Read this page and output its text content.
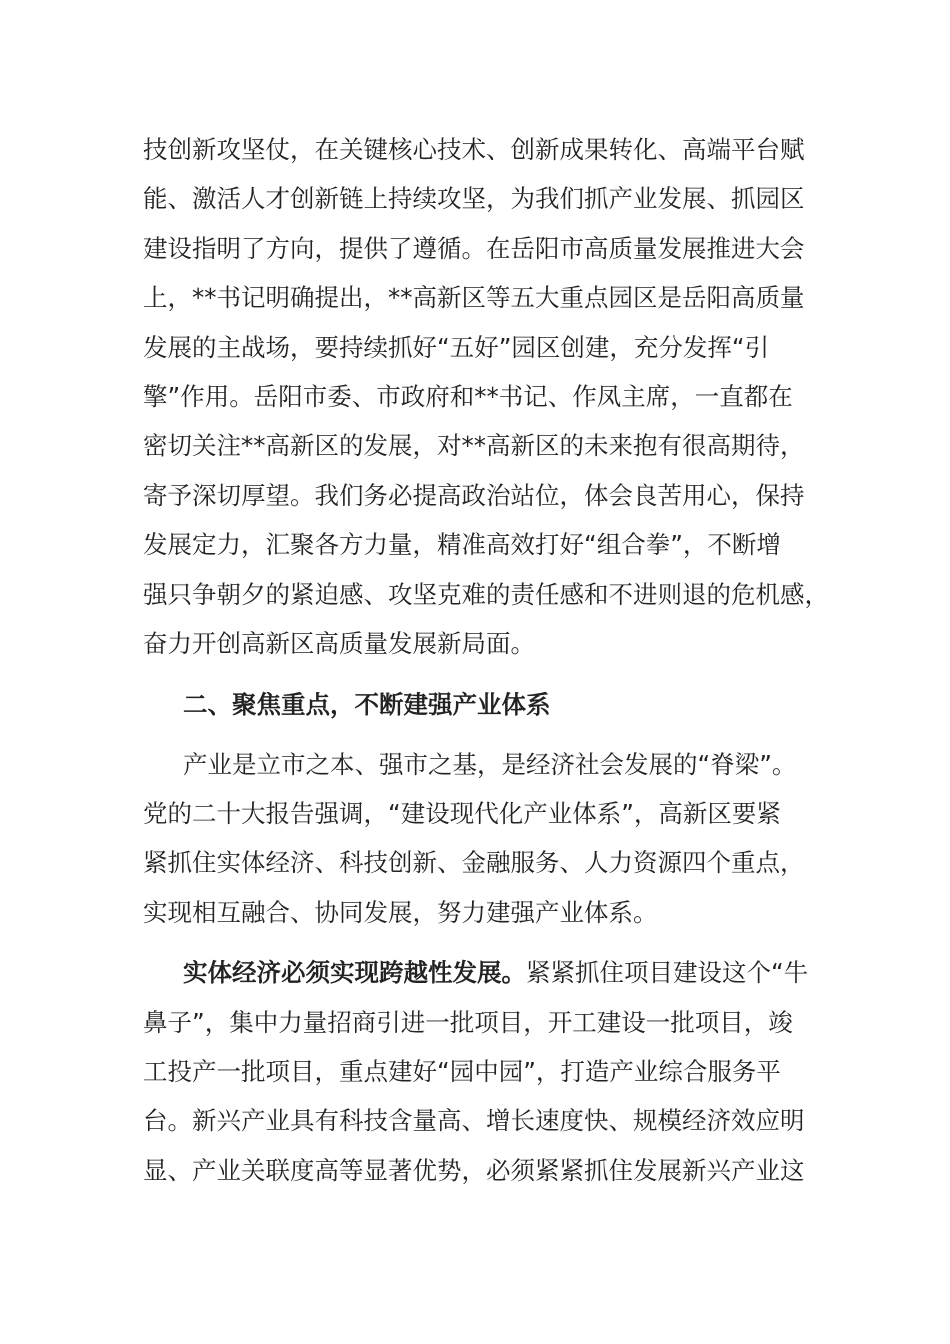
技创新攻坚仗，在关键核心技术、创新成果转化、高端平台赋
能、激活人才创新链上持续攻坚，为我们抓产业发展、抓园区
建设指明了方向，提供了遵循。在岳阳市高质量发展推进大会
上，**书记明确提出，**高新区等五大重点园区是岳阳高质量
发展的主战场，要持续抓好“五好”园区创建，充分发挥“引
擎”作用。岳阳市委、市政府和**书记、作凤主席，一直都在
密切关注**高新区的发展，对**高新区的未来抱有很高期待，
寄予深切厚望。我们务必提高政治站位，体会良苦用心，保持
发展定力，汇聚各方力量，精准高效打好“组合拳”，不断增
强只争朝夕的紧迫感、攻坚克难的责任感和不进则退的危机感，
奋力开创高新区高质量发展新局面。
二、聚焦重点，不断建强产业体系
产业是立市之本、强市之基，是经济社会发展的“脊梁”。
党的二十大报告强调，“建设现代化产业体系”，高新区要紧
紧抓住实体经济、科技创新、金融服务、人力资源四个重点，
实现相互融合、协同发展，努力建强产业体系。
实体经济必须实现跨越性发展。紧紧抓住项目建设这个“牛
鼻子”，集中力量招商引进一批项目，开工建设一批项目，竣
工投产一批项目，重点建好“园中园”，打造产业综合服务平
台。新兴产业具有科技含量高、增长速度快、规模经济效应明
显、产业关联度高等显著优势，必须紧紧抓住发展新兴产业这
